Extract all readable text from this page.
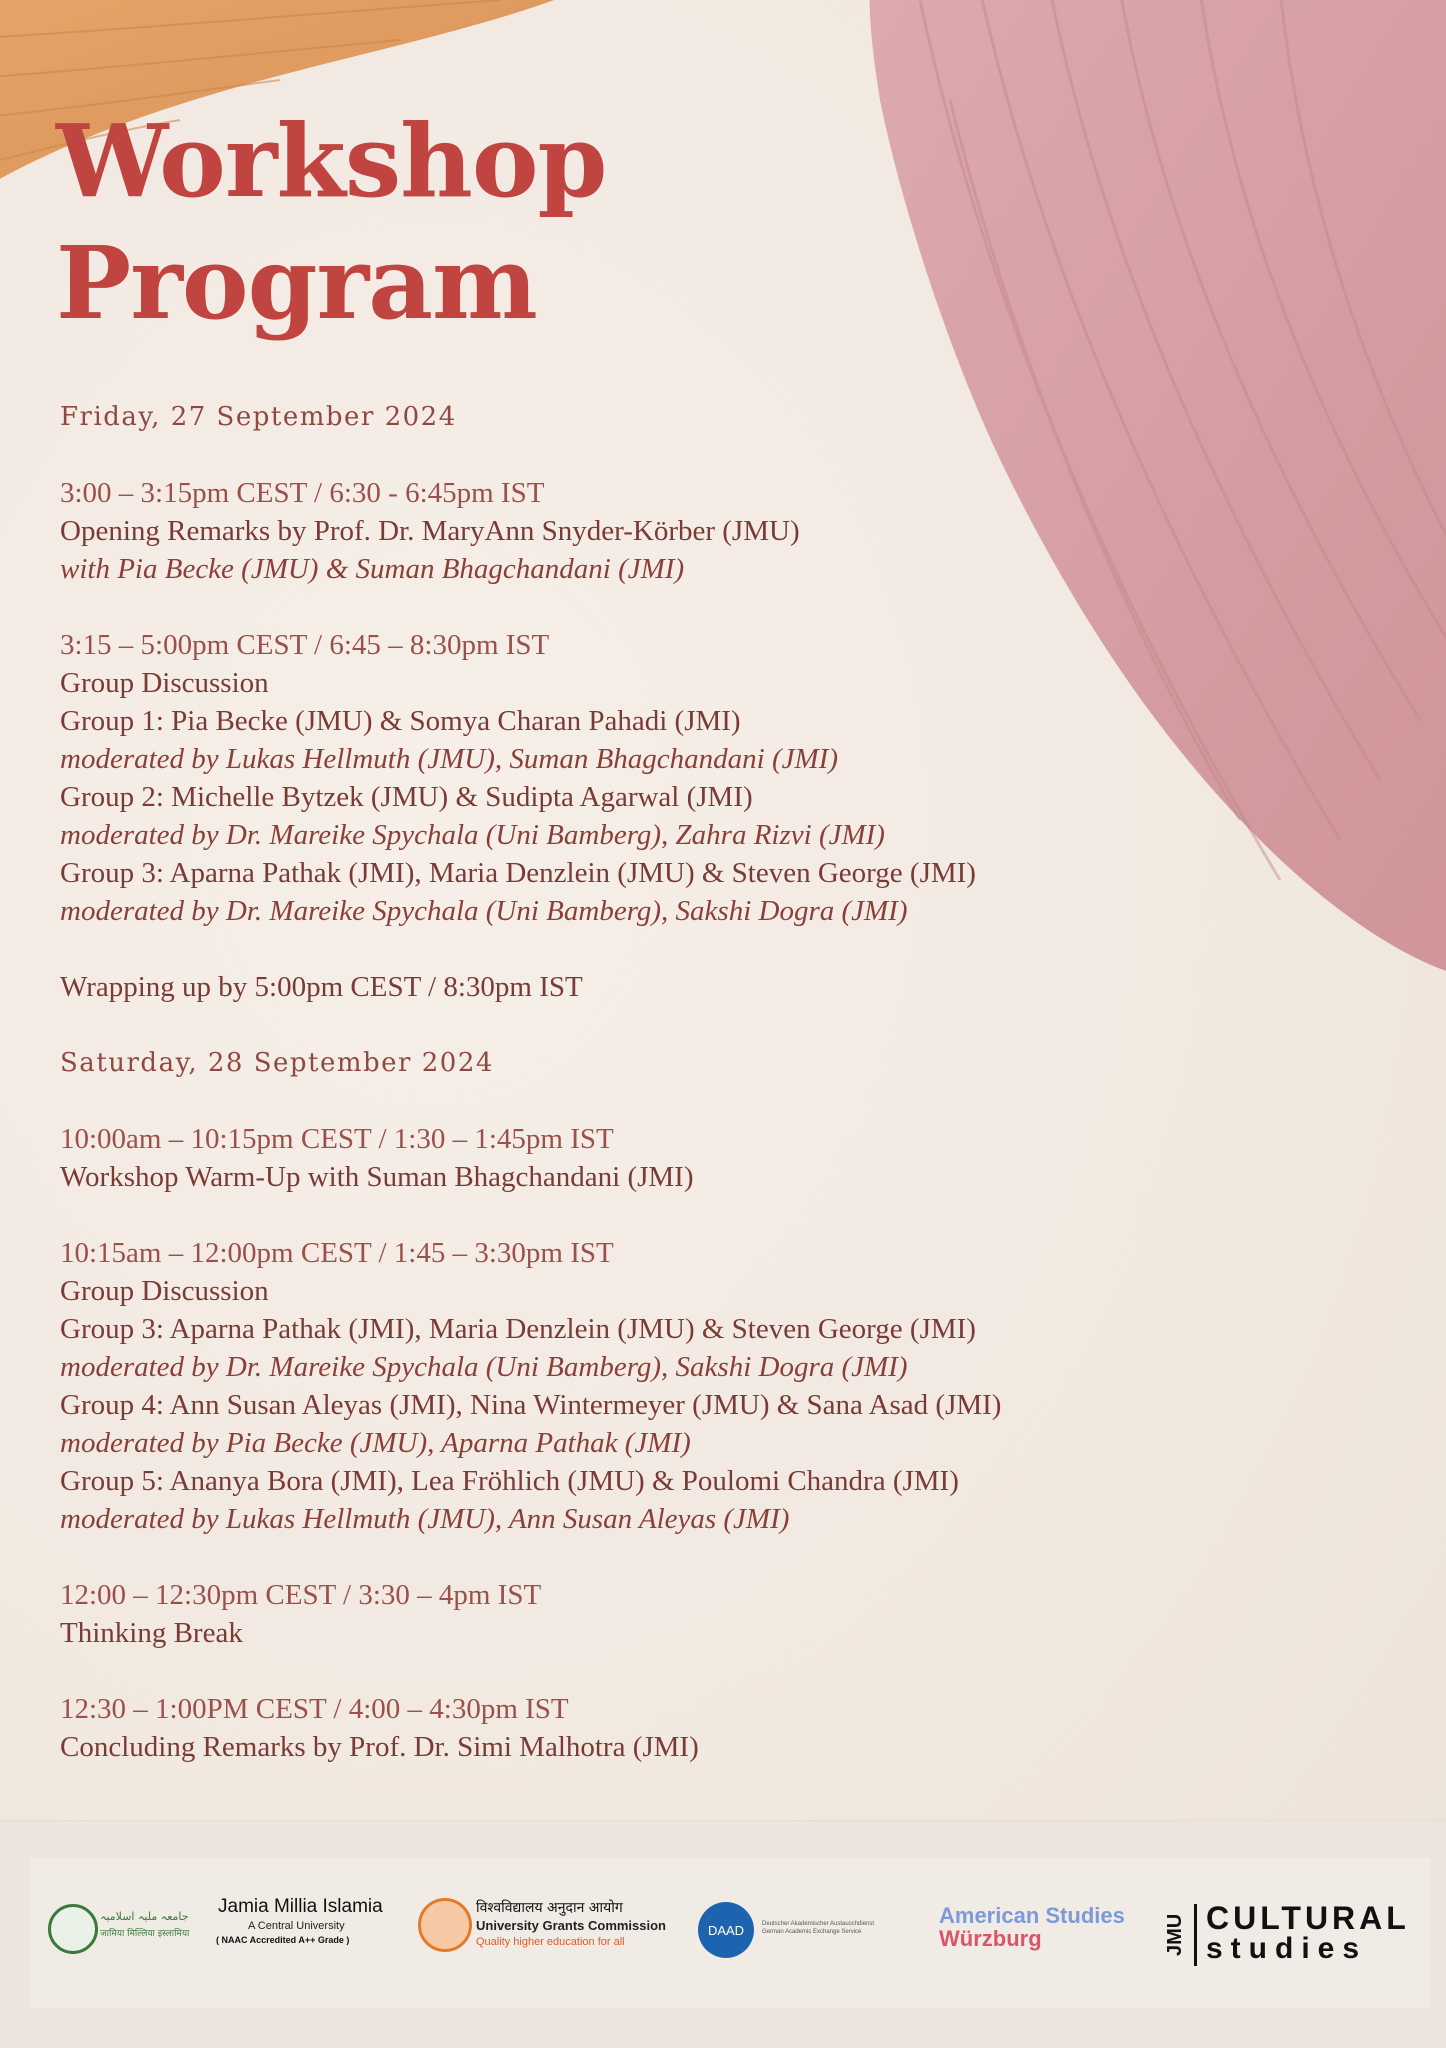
Workshop
Program
Friday, 27 September 2024
3:00 – 3:15pm CEST / 6:30 - 6:45pm IST
Opening Remarks by Prof. Dr. MaryAnn Snyder-Körber (JMU)
with Pia Becke (JMU) & Suman Bhagchandani (JMI)
3:15 – 5:00pm CEST / 6:45 – 8:30pm IST
Group Discussion
Group 1: Pia Becke (JMU) & Somya Charan Pahadi (JMI)
moderated by Lukas Hellmuth (JMU), Suman Bhagchandani (JMI)
Group 2: Michelle Bytzek (JMU) & Sudipta Agarwal (JMI)
moderated by Dr. Mareike Spychala (Uni Bamberg), Zahra Rizvi (JMI)
Group 3: Aparna Pathak (JMI), Maria Denzlein (JMU) & Steven George (JMI)
moderated by Dr. Mareike Spychala (Uni Bamberg), Sakshi Dogra (JMI)
Wrapping up by 5:00pm CEST / 8:30pm IST
Saturday, 28 September 2024
10:00am – 10:15pm CEST / 1:30 – 1:45pm IST
Workshop Warm-Up with Suman Bhagchandani (JMI)
10:15am – 12:00pm CEST / 1:45 – 3:30pm IST
Group Discussion
Group 3: Aparna Pathak (JMI), Maria Denzlein (JMU) & Steven George (JMI)
moderated by Dr. Mareike Spychala (Uni Bamberg), Sakshi Dogra (JMI)
Group 4: Ann Susan Aleyas (JMI), Nina Wintermeyer (JMU) & Sana Asad (JMI)
moderated by Pia Becke (JMU), Aparna Pathak (JMI)
Group 5: Ananya Bora (JMI), Lea Fröhlich (JMU) & Poulomi Chandra (JMI)
moderated by Lukas Hellmuth (JMU), Ann Susan Aleyas (JMI)
12:00 – 12:30pm CEST / 3:30 – 4pm IST
Thinking Break
12:30 – 1:00PM CEST / 4:00 – 4:30pm IST
Concluding Remarks by Prof. Dr. Simi Malhotra (JMI)
جامعہ ملیہ اسلامیہ
जामिया मिल्लिया इस्लामिया
Jamia Millia Islamia
A Central University
( NAAC Accredited A++ Grade )
विश्वविद्यालय अनुदान आयोग
University Grants Commission
Quality higher education for all
DAAD	Deutscher Akademischer Austauschdienst
German Academic Exchange Service
American Studies
Würzburg	JMU CULTURAL
studies
